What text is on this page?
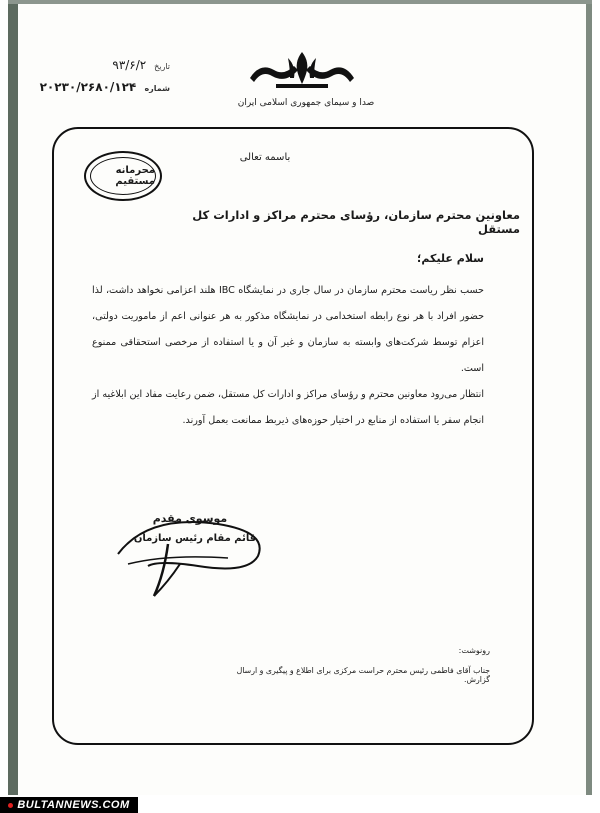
تاریخ ۹۳/۶/۲
شماره ۲۰۲۳۰/۲۶۸۰/۱۲۴
صدا و سیمای جمهوری اسلامی ایران
محرمانه مستقیم
باسمه تعالی
معاونین محترم سازمان، رؤسای محترم مراکز و ادارات کل مستقل
سلام علیکم؛
حسب نظر ریاست محترم سازمان در سال جاری در نمایشگاه IBC هلند اعزامی نخواهد داشت، لذا حضور افراد با هر نوع رابطه استخدامی در نمایشگاه مذکور به هر عنوانی اعم از ماموریت دولتی، اعزام توسط شرکت‌های وابسته به سازمان و غیر آن و یا استفاده از مرخصی استحقاقی ممنوع است.
انتظار می‌رود معاونین محترم و رؤسای مراکز و ادارات کل مستقل، ضمن رعایت مفاد این ابلاغیه از انجام سفر یا استفاده از منابع در اختیار حوزه‌های ذیربط ممانعت بعمل آورند.
موسوی مقدم
قائم مقام رئیس سازمان
رونوشت:
جناب آقای فاطمی رئیس محترم حراست مرکزی برای اطلاع و پیگیری و ارسال گزارش.
BULTANNEWS.COM
